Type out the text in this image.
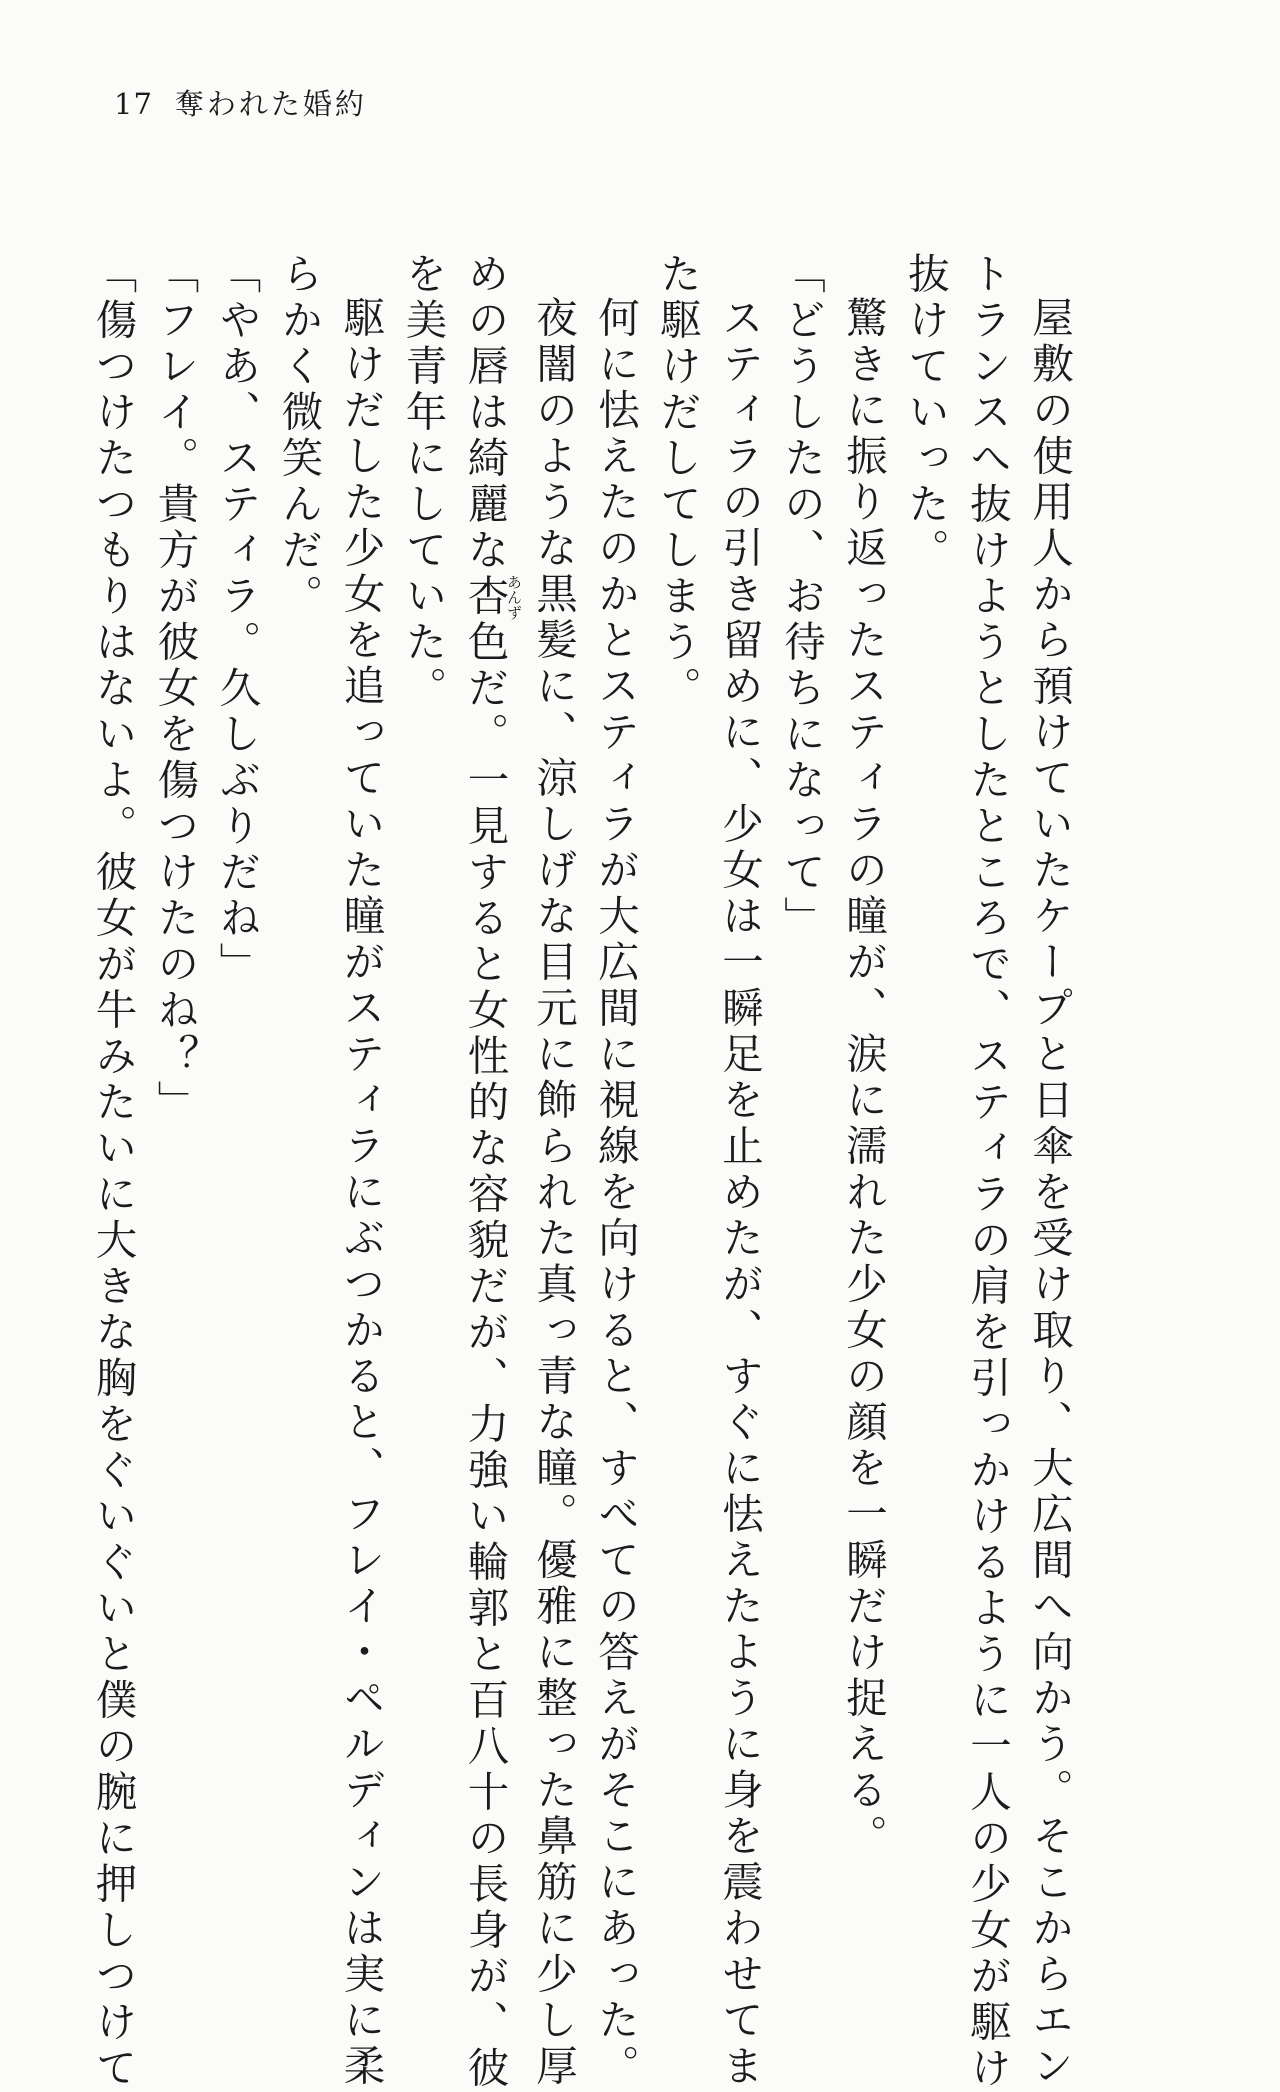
17 奪われた婚約

屋敷の使用人から預けていたケープと日傘を受け取り、大広間へ向かう。そこからエン

トランスへ抜けようとしたところで、スティラの肩を引っかけるように一人の少女が駆け

抜けていった。

驚きに振り返ったスティラの瞳が、涙に濡れた少女の顔を一瞬だけ捉える。

「どうしたの、お待ちになって」

スティラの引き留めに、少女は一瞬足を止めたが、すぐに怯えたように身を震わせてま

た駆けだしてしまう。

何に怯えたのかとスティラが大広間に視線を向けると、すべての答えがそこにあった。

夜闇のような黒髪に、涼しげな目元に飾られた真っ青な瞳。優雅に整った鼻筋に少し厚

めの唇は綺麗な杏あんず色だ。一見すると女性的な容貌だが、力強い輪郭と百八十の長身が、彼

を美青年にしていた。

駆けだした少女を追っていた瞳がスティラにぶつかると、フレイ・ペルディンは実に柔

らかく微笑んだ。

「やあ、スティラ。久しぶりだね」

「フレイ。貴方が彼女を傷つけたのね？」

「傷つけたつもりはないよ。彼女が牛みたいに大きな胸をぐいぐいと僕の腕に押しつけて
